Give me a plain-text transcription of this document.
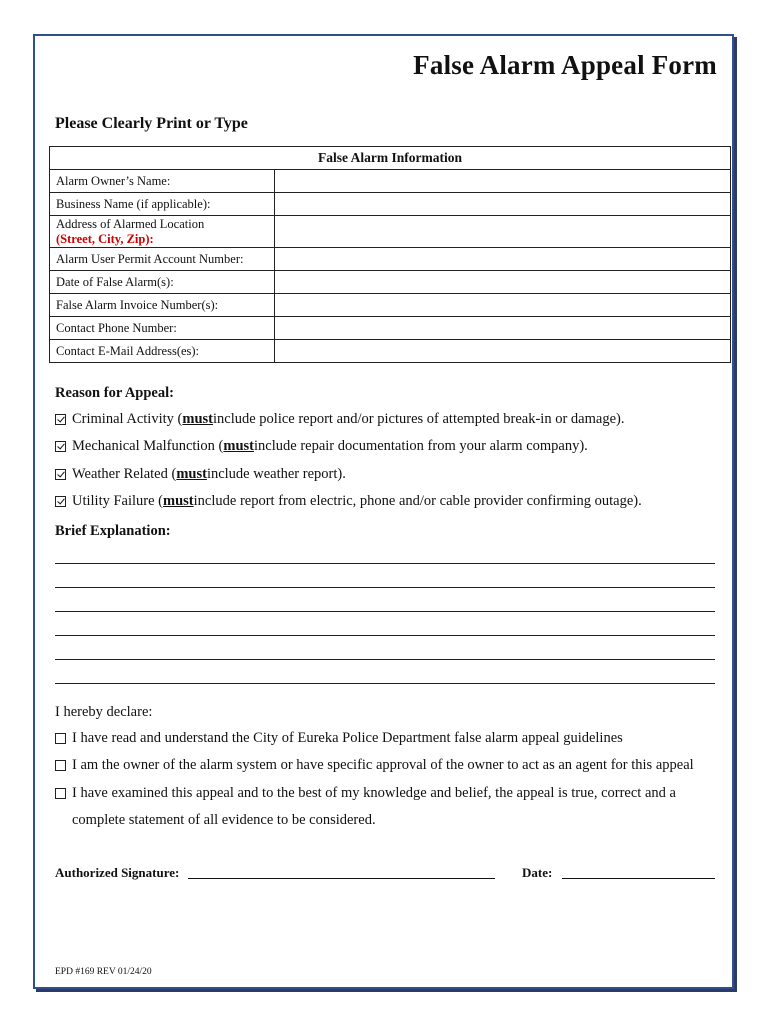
False Alarm Appeal Form
Please Clearly Print or Type
False Alarm Information	
Alarm Owner’s Name:	
Business Name (if applicable):	
Address of Alarmed Location
(Street, City, Zip):	
Alarm User Permit Account Number:	
Date of False Alarm(s):	
False Alarm Invoice Number(s):	
Contact Phone Number:	
Contact E-Mail Address(es):	
Reason for Appeal:
Criminal Activity ( must include police report and/or pictures of attempted break-in or damage).
Mechanical Malfunction ( must include repair documentation from your alarm company).
Weather Related ( must include weather report).
Utility Failure ( must include report from electric, phone and/or cable provider confirming outage).
Brief Explanation:
I hereby declare:
I have read and understand the City of Eureka Police Department false alarm appeal guidelines
I am the owner of the alarm system or have specific approval of the owner to act as an agent for this appeal
I have examined this appeal and to the best of my knowledge and belief, the appeal is true, correct and a
complete statement of all evidence to be considered.
Authorized Signature:	Date:
EPD #169 REV 01/24/20
